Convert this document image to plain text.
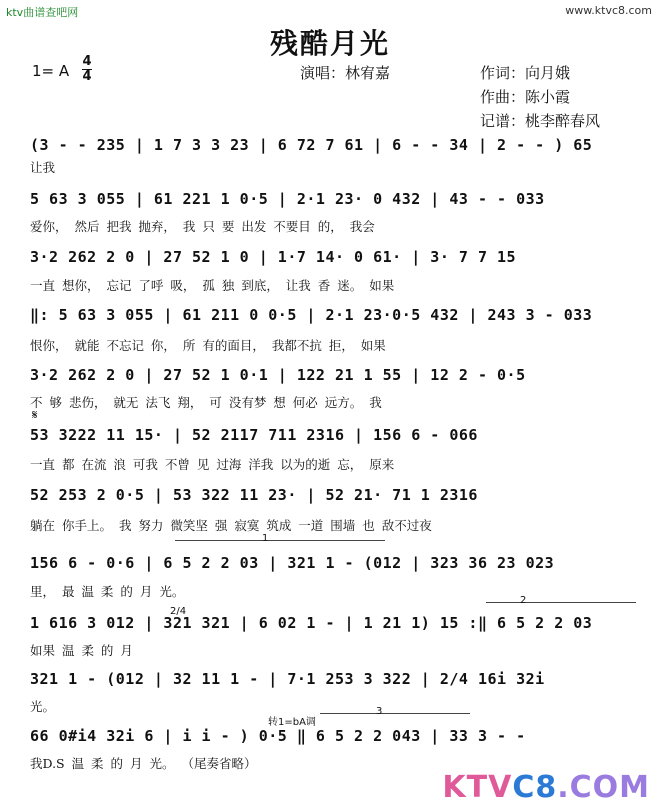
ktv曲谱查吧网	www.ktvc8.com
残酷月光
1= A
4
4	演唱：林宥嘉	作词：向月娥
作曲：陈小霞
记谱：桃李醉春风
(3 - - 235 | 1 7 3 3 23 | 6 72 7 61 | 6 - - 34 | 2 - - ) 65
让我
5 63 3 055 | 61 221 1 0·5 | 2·1 23· 0 432 | 43 - - 033
爱你， 然后 把我 抛弃， 我 只 要 出发 不要目 的， 我会
3·2 262 2 0 | 27 52 1 0 | 1·7 14· 0 61· | 3· 7 7 15
一直 想你， 忘记 了呼 吸， 孤 独 到底， 让我 香 迷。 如果
‖: 5 63 3 055 | 61 211 0 0·5 | 2·1 23·0·5 432 | 243 3 - 033
恨你， 就能 不忘记 你， 所 有的面目， 我都不抗 拒， 如果
3·2 262 2 0 | 27 52 1 0·1 | 122 21 1 55 | 12 2 - 0·5
不 够 悲伤， 就无 法飞 翔， 可 没有梦 想 何必 远方。 我
𝄋
53 3222 11 15· | 52 2117 711 2316 | 156 6 - 066
一直 都 在流 浪 可我 不曾 见 过海 洋我 以为的逝 忘， 原来
52 253 2 0·5 | 53 322 11 23· | 52 21· 71 1 2316
躺在 你手上。 我 努力 微笑坚 强 寂寞 筑成 一道 围墙 也 敌不过夜
1
156 6 - 0·6 | 6 5 2 2 03 | 321 1 - (012 | 323 36 23 023
里， 最 温 柔 的 月 光。
2/4
2
1 616 3 012 | 321 321 | 6 02 1 - | 1 21 1) 15 :‖ 6 5 2 2 03
如果 温 柔 的 月
321 1 - (012 | 32 11 1 - | 7·1 253 3 322 | 2/4 16i 32i
光。
转1=bA调
3
66 0#i4 32i 6 | i i - ) 0·5 ‖ 6 5 2 2 043 | 33 3 - -
我D.S 温 柔 的 月 光。 （尾奏省略）
KTVC8.COM
